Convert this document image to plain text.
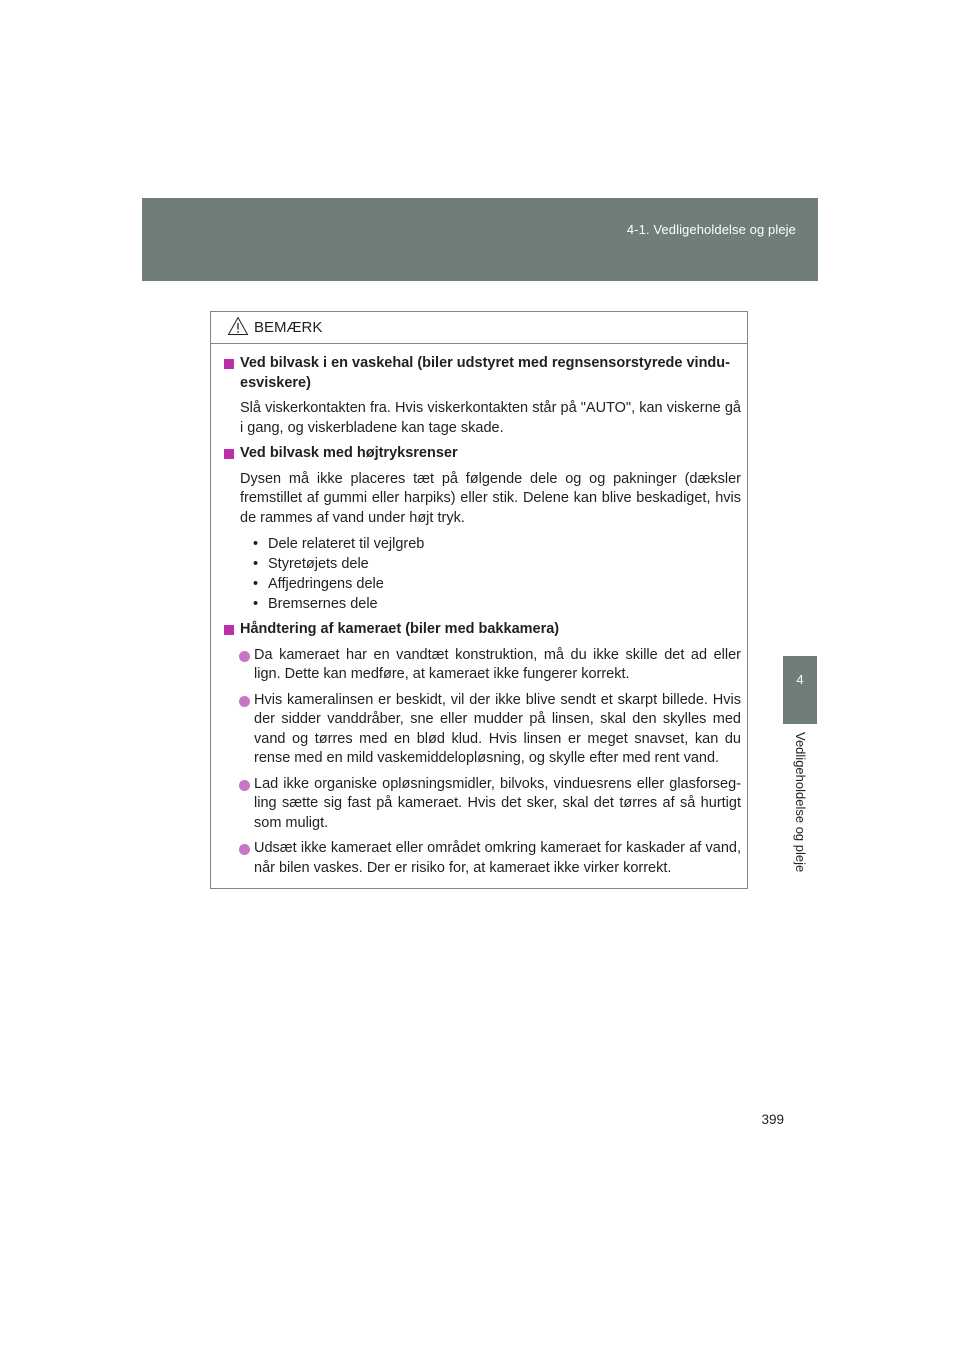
4-1. Vedligeholdelse og pleje
4
Vedligeholdelse og pleje
BEMÆRK
Ved bilvask i en vaskehal (biler udstyret med regnsensorstyrede vindu-esviskere)
Slå viskerkontakten fra. Hvis viskerkontakten står på "AUTO", kan viskerne gå i gang, og viskerbladene kan tage skade.
Ved bilvask med højtryksrenser
Dysen må ikke placeres tæt på følgende dele og og pakninger (dæksler fremstillet af gummi eller harpiks) eller stik. Delene kan blive beskadiget, hvis de rammes af vand under højt tryk.
• Dele relateret til vejlgreb
• Styretøjets dele
• Affjedringens dele
• Bremsernes dele
Håndtering af kameraet (biler med bakkamera)
Da kameraet har en vandtæt konstruktion, må du ikke skille det ad eller lign. Dette kan medføre, at kameraet ikke fungerer korrekt.
Hvis kameralinsen er beskidt, vil der ikke blive sendt et skarpt billede. Hvis der sidder vanddråber, sne eller mudder på linsen, skal den skylles med vand og tørres med en blød klud. Hvis linsen er meget snavset, kan du rense med en mild vaskemiddelopløsning, og skylle efter med rent vand.
Lad ikke organiske opløsningsmidler, bilvoks, vinduesrens eller glasforseg-ling sætte sig fast på kameraet. Hvis det sker, skal det tørres af så hurtigt som muligt.
Udsæt ikke kameraet eller området omkring kameraet for kaskader af vand, når bilen vaskes. Der er risiko for, at kameraet ikke virker korrekt.
399
